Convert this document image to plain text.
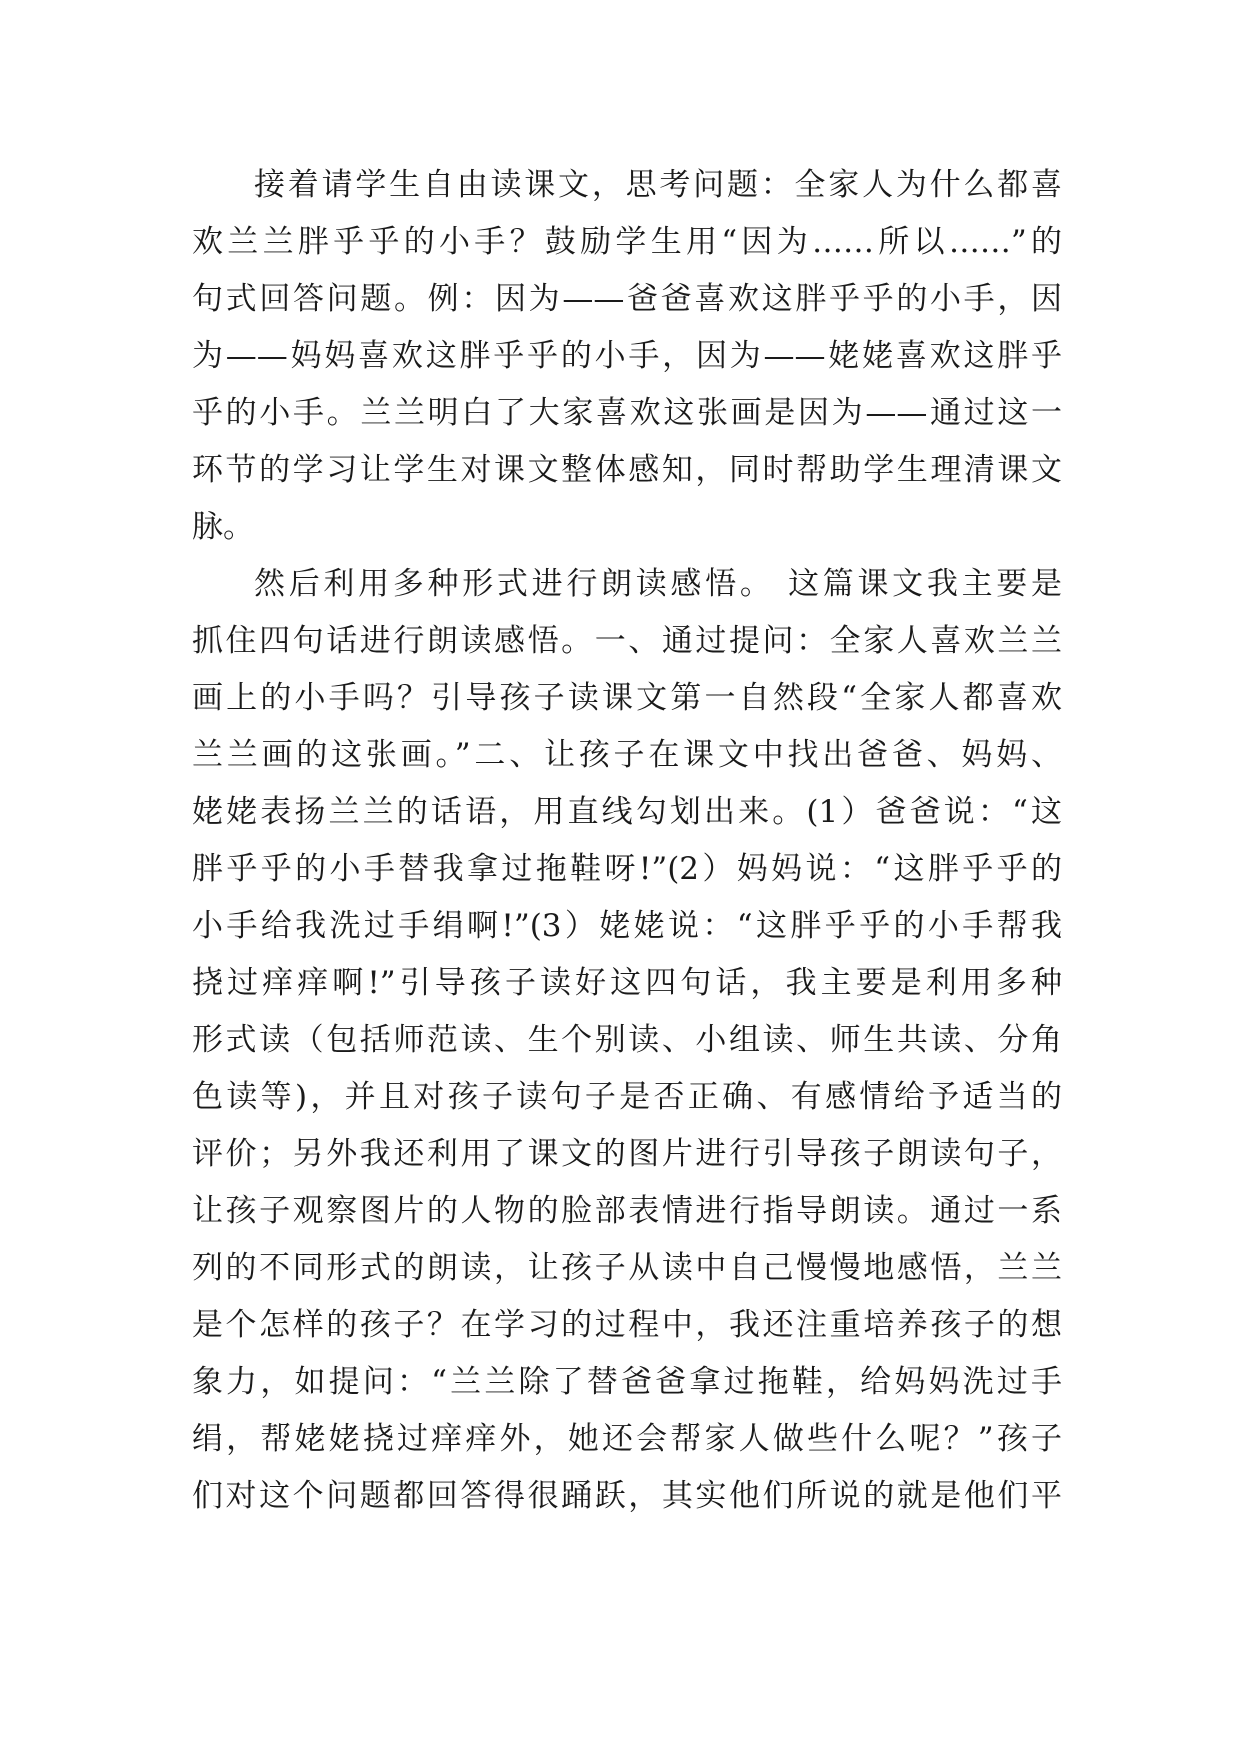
接着请学生自由读课文，思考问题：全家人为什么都喜
欢兰兰胖乎乎的小手？鼓励学生用“因为……所以……”的
句式回答问题。例：因为——爸爸喜欢这胖乎乎的小手，因
为——妈妈喜欢这胖乎乎的小手，因为——姥姥喜欢这胖乎
乎的小手。兰兰明白了大家喜欢这张画是因为——通过这一
环节的学习让学生对课文整体感知，同时帮助学生理清课文
脉。
然后利用多种形式进行朗读感悟。 这篇课文我主要是
抓住四句话进行朗读感悟。一、通过提问：全家人喜欢兰兰
画上的小手吗？引导孩子读课文第一自然段“全家人都喜欢
兰兰画的这张画。”二、让孩子在课文中找出爸爸、妈妈、
姥姥表扬兰兰的话语，用直线勾划出来。(1）爸爸说：“这
胖乎乎的小手替我拿过拖鞋呀!”(2）妈妈说：“这胖乎乎的
小手给我洗过手绢啊!”(3）姥姥说：“这胖乎乎的小手帮我
挠过痒痒啊!”引导孩子读好这四句话，我主要是利用多种
形式读（包括师范读、生个别读、小组读、师生共读、分角
色读等)，并且对孩子读句子是否正确、有感情给予适当的
评价；另外我还利用了课文的图片进行引导孩子朗读句子，
让孩子观察图片的人物的脸部表情进行指导朗读。通过一系
列的不同形式的朗读，让孩子从读中自己慢慢地感悟，兰兰
是个怎样的孩子？在学习的过程中，我还注重培养孩子的想
象力，如提问：“兰兰除了替爸爸拿过拖鞋，给妈妈洗过手
绢，帮姥姥挠过痒痒外，她还会帮家人做些什么呢？”孩子
们对这个问题都回答得很踊跃，其实他们所说的就是他们平
